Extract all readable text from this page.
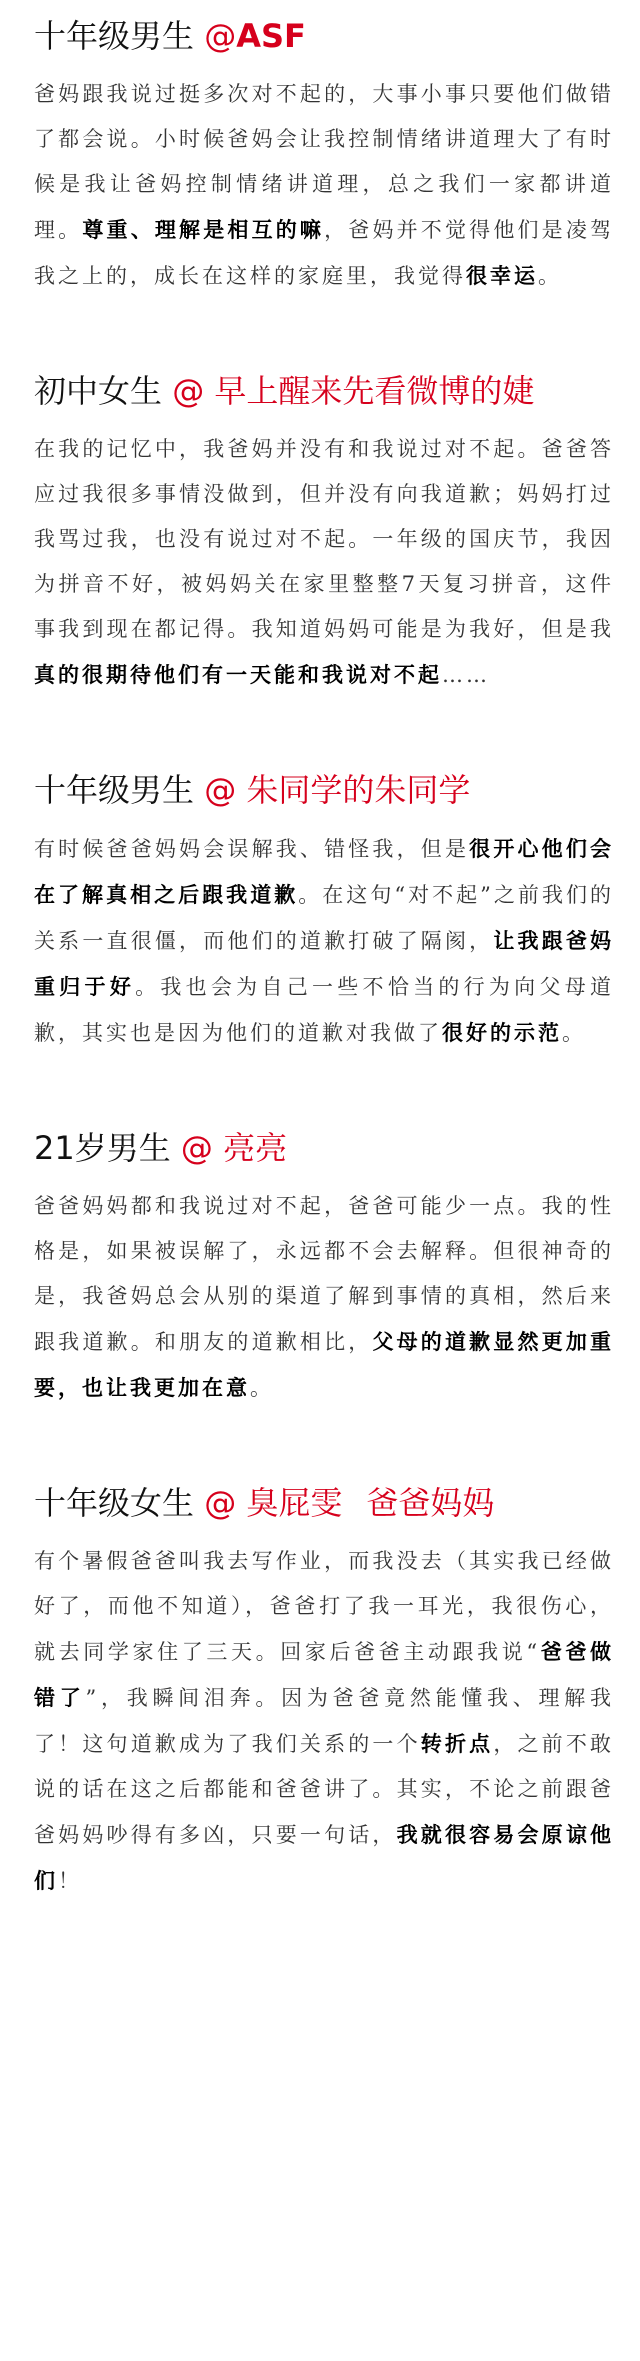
十年级男生 @ASF

爸妈跟我说过挺多次对不起的，大事小事只要他们做错了都会说。小时候爸妈会让我控制情绪讲道理大了有时候是我让爸妈控制情绪讲道理，总之我们一家都讲道理。尊重、理解是相互的嘛，爸妈并不觉得他们是凌驾我之上的，成长在这样的家庭里，我觉得很幸运。

初中女生 @ 早上醒来先看微博的婕

在我的记忆中，我爸妈并没有和我说过对不起。爸爸答应过我很多事情没做到，但并没有向我道歉；妈妈打过我骂过我，也没有说过对不起。一年级的国庆节，我因为拼音不好，被妈妈关在家里整整7天复习拼音，这件事我到现在都记得。我知道妈妈可能是为我好，但是我真的很期待他们有一天能和我说对不起……

十年级男生 @ 朱同学的朱同学

有时候爸爸妈妈会误解我、错怪我，但是很开心他们会在了解真相之后跟我道歉。在这句“对不起”之前我们的关系一直很僵，而他们的道歉打破了隔阂，让我跟爸妈重归于好。我也会为自己一些不恰当的行为向父母道歉，其实也是因为他们的道歉对我做了很好的示范。

21岁男生 @ 亮亮

爸爸妈妈都和我说过对不起，爸爸可能少一点。我的性格是，如果被误解了，永远都不会去解释。但很神奇的是，我爸妈总会从别的渠道了解到事情的真相，然后来跟我道歉。和朋友的道歉相比，父母的道歉显然更加重要，也让我更加在意。

十年级女生 @ 臭屁雯 爸爸妈妈

有个暑假爸爸叫我去写作业，而我没去（其实我已经做好了，而他不知道），爸爸打了我一耳光，我很伤心，就去同学家住了三天。回家后爸爸主动跟我说“爸爸做错了”，我瞬间泪奔。因为爸爸竟然能懂我、理解我了！这句道歉成为了我们关系的一个转折点，之前不敢说的话在这之后都能和爸爸讲了。其实，不论之前跟爸爸妈妈吵得有多凶，只要一句话，我就很容易会原谅他们！
